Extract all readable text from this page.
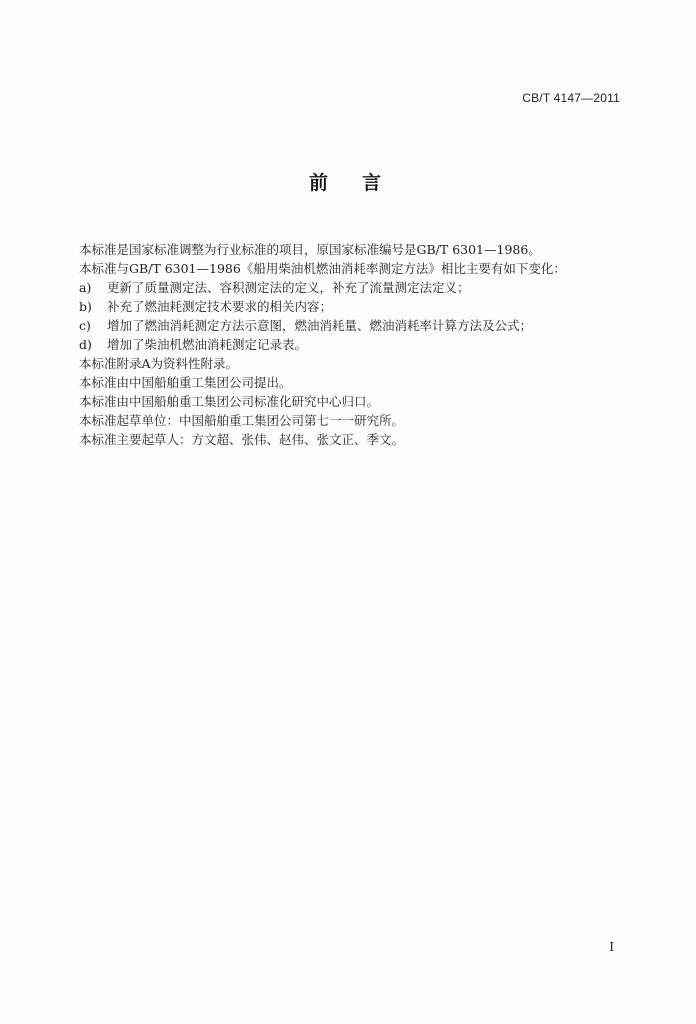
CB/T 4147—2011
前言

本标准是国家标准调整为行业标准的项目，原国家标准编号是GB/T 6301—1986。

本标准与GB/T 6301—1986《船用柴油机燃油消耗率测定方法》相比主要有如下变化：

a)	更新了质量测定法、容积测定法的定义，补充了流量测定法定义；
b)	补充了燃油耗测定技术要求的相关内容；
c)	增加了燃油消耗测定方法示意图，燃油消耗量、燃油消耗率计算方法及公式；
d)	增加了柴油机燃油消耗测定记录表。

本标准附录A为资料性附录。

本标准由中国船舶重工集团公司提出。

本标准由中国船舶重工集团公司标准化研究中心归口。

本标准起草单位：中国船舶重工集团公司第七一一研究所。

本标准主要起草人：方文超、张伟、赵伟、张文正、季文。

I
